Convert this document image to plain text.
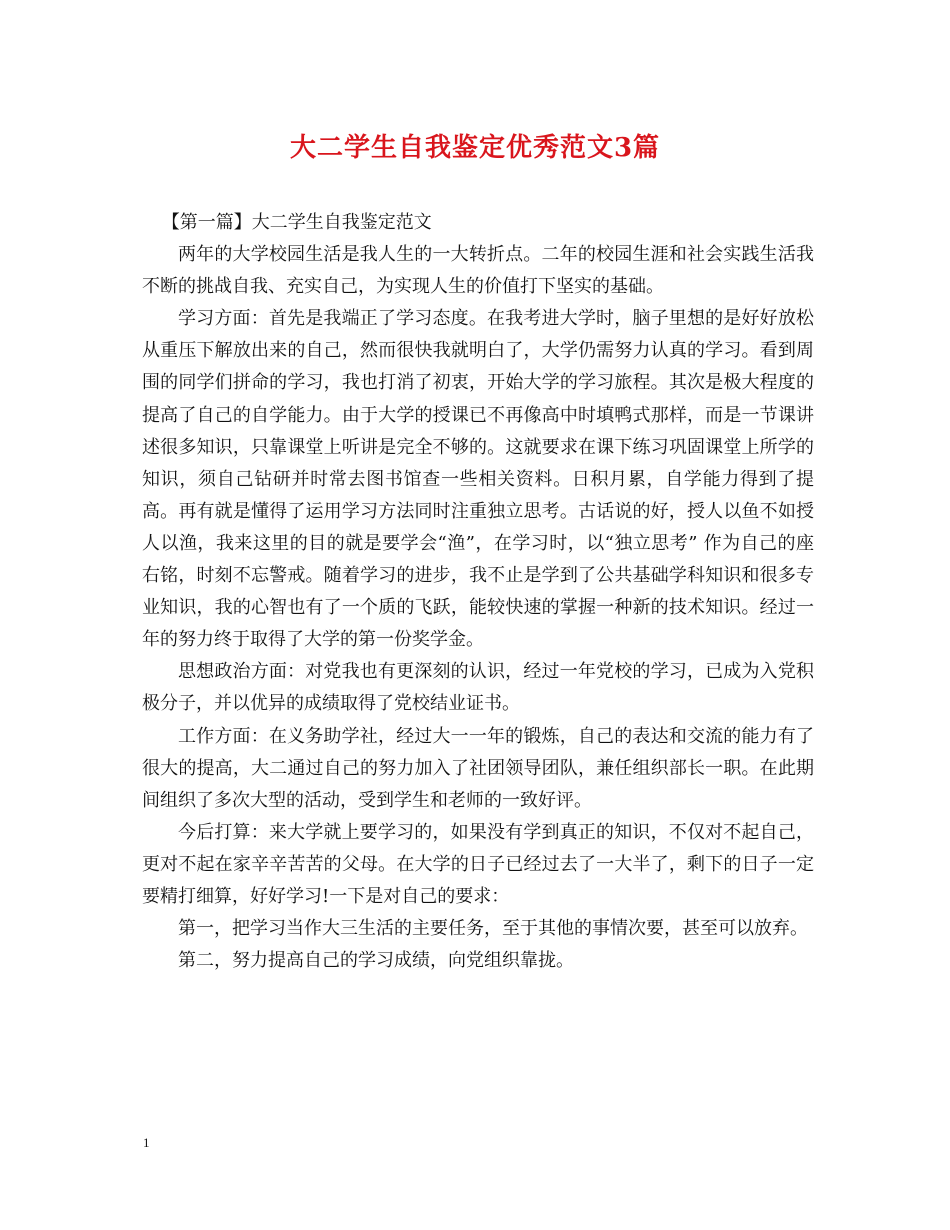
大二学生自我鉴定优秀范文3篇

【第一篇】大二学生自我鉴定范文

两年的大学校园生活是我人生的一大转折点。二年的校园生涯和社会实践生活我不断的挑战自我、充实自己，为实现人生的价值打下坚实的基础。

学习方面：首先是我端正了学习态度。在我考进大学时，脑子里想的是好好放松从重压下解放出来的自己，然而很快我就明白了，大学仍需努力认真的学习。看到周围的同学们拼命的学习，我也打消了初衷，开始大学的学习旅程。其次是极大程度的提高了自己的自学能力。由于大学的授课已不再像高中时填鸭式那样，而是一节课讲述很多知识，只靠课堂上听讲是完全不够的。这就要求在课下练习巩固课堂上所学的知识，须自己钻研并时常去图书馆查一些相关资料。日积月累，自学能力得到了提高。再有就是懂得了运用学习方法同时注重独立思考。古话说的好，授人以鱼不如授人以渔，我来这里的目的就是要学会“渔”，在学习时，以“独立思考” 作为自己的座右铭，时刻不忘警戒。随着学习的进步，我不止是学到了公共基础学科知识和很多专业知识，我的心智也有了一个质的飞跃，能较快速的掌握一种新的技术知识。经过一年的努力终于取得了大学的第一份奖学金。

思想政治方面：对党我也有更深刻的认识，经过一年党校的学习，已成为入党积极分子，并以优异的成绩取得了党校结业证书。

工作方面：在义务助学社，经过大一一年的锻炼，自己的表达和交流的能力有了很大的提高，大二通过自己的努力加入了社团领导团队，兼任组织部长一职。在此期间组织了多次大型的活动，受到学生和老师的一致好评。

今后打算：来大学就上要学习的，如果没有学到真正的知识，不仅对不起自己，更对不起在家辛辛苦苦的父母。在大学的日子已经过去了一大半了，剩下的日子一定要精打细算，好好学习!一下是对自己的要求：

第一，把学习当作大三生活的主要任务，至于其他的事情次要，甚至可以放弃。

第二，努力提高自己的学习成绩，向党组织靠拢。

1
